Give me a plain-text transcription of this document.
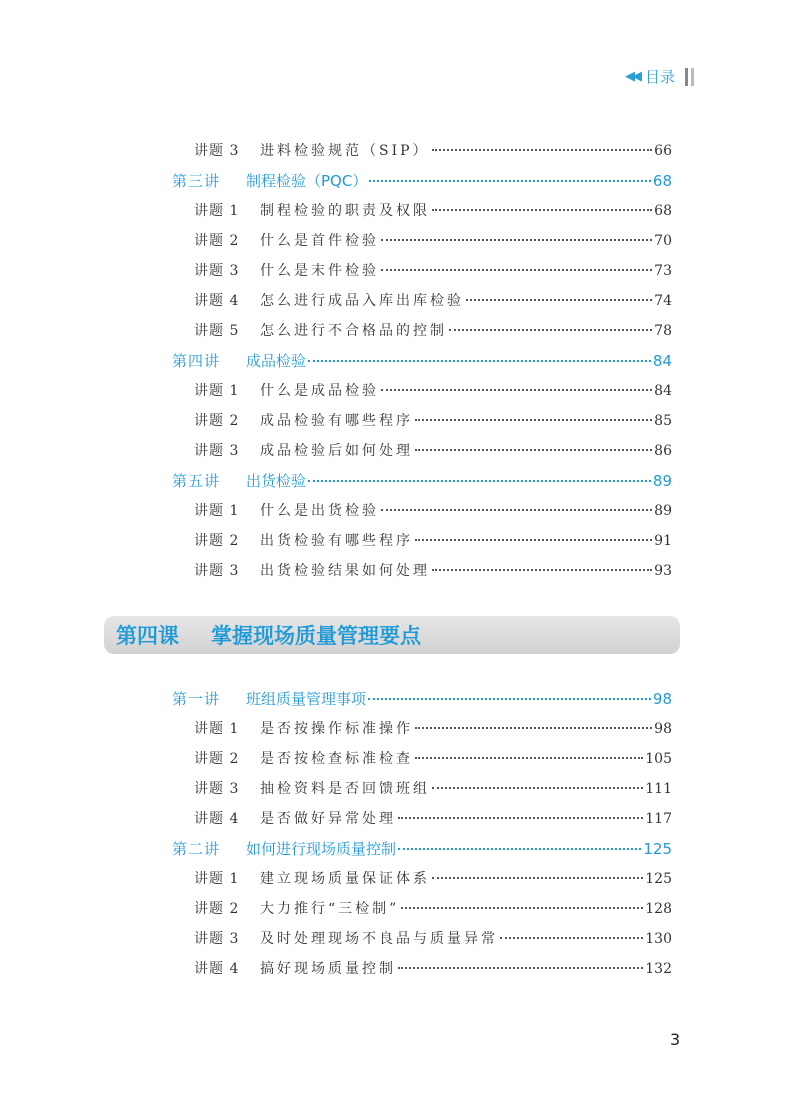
◀◀ 目录
讲题 3 进料检验规范（SIP）	66
第三讲 制程检验（PQC）	68
讲题 1 制程检验的职责及权限	68
讲题 2 什么是首件检验	70
讲题 3 什么是末件检验	73
讲题 4 怎么进行成品入库出库检验	74
讲题 5 怎么进行不合格品的控制	78
第四讲 成品检验	84
讲题 1 什么是成品检验	84
讲题 2 成品检验有哪些程序	85
讲题 3 成品检验后如何处理	86
第五讲 出货检验	89
讲题 1 什么是出货检验	89
讲题 2 出货检验有哪些程序	91
讲题 3 出货检验结果如何处理	93
第四课	掌握现场质量管理要点
第一讲 班组质量管理事项	98
讲题 1 是否按操作标准操作	98
讲题 2 是否按检查标准检查	105
讲题 3 抽检资料是否回馈班组	111
讲题 4 是否做好异常处理	117
第二讲 如何进行现场质量控制	125
讲题 1 建立现场质量保证体系	125
讲题 2 大力推行“三检制”	128
讲题 3 及时处理现场不良品与质量异常	130
讲题 4 搞好现场质量控制	132
3
